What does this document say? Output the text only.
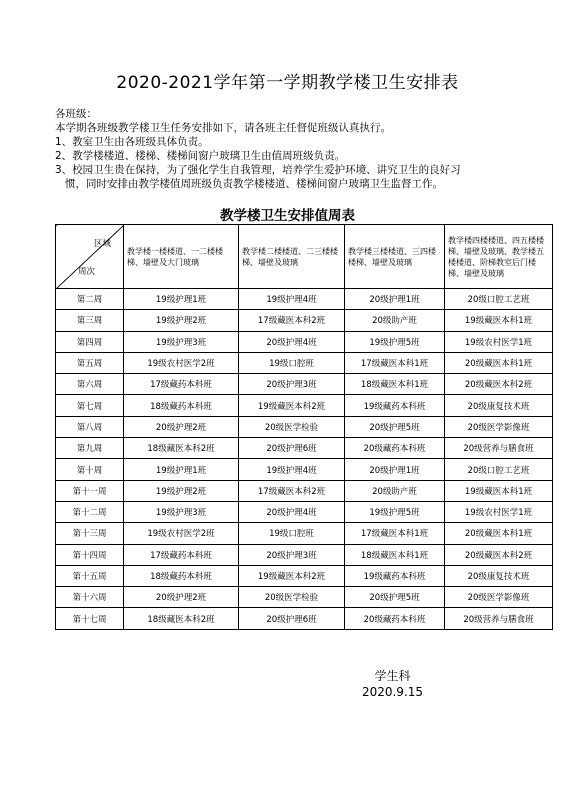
2020-2021学年第一学期教学楼卫生安排表
各班级：
本学期各班级教学楼卫生任务安排如下，请各班主任督促班级认真执行。
1、教室卫生由各班级具体负责。
2、教学楼楼道、楼梯、楼梯间窗户玻璃卫生由值周班级负责。
3、校园卫生贵在保持，为了强化学生自我管理，培养学生爱护环境、讲究卫生的良好习
惯，同时安排由教学楼值周班级负责教学楼楼道、楼梯间窗户玻璃卫生监督工作。
教学楼卫生安排值周表
区域
周次	教学楼一楼楼道、一二楼楼梯、墙壁及大门玻璃	教学楼二楼楼道、二三楼楼梯、墙壁及玻璃	教学楼三楼楼道、三四楼楼梯、墙壁及玻璃	教学楼四楼楼道、四五楼楼梯、墙壁及玻璃、教学楼五楼楼道、阶梯教室后门楼梯、墙壁及玻璃
第二周	19级护理1班	19级护理4班	20级护理1班	20级口腔工艺班
第三周	19级护理2班	17级藏医本科2班	20级助产班	19级藏医本科1班
第四周	19级护理3班	20级护理4班	19级护理5班	19级农村医学1班
第五周	19级农村医学2班	19级口腔班	17级藏医本科1班	20级藏医本科1班
第六周	17级藏药本科班	20级护理3班	18级藏医本科1班	20级藏医本科2班
第七周	18级藏药本科班	19级藏医本科2班	19级藏药本科班	20级康复技术班
第八周	20级护理2班	20级医学检验	20级护理5班	20级医学影像班
第九周	18级藏医本科2班	20级护理6班	20级藏药本科班	20级营养与膳食班
第十周	19级护理1班	19级护理4班	20级护理1班	20级口腔工艺班
第十一周	19级护理2班	17级藏医本科2班	20级助产班	19级藏医本科1班
第十二周	19级护理3班	20级护理4班	19级护理5班	19级农村医学1班
第十三周	19级农村医学2班	19级口腔班	17级藏医本科1班	20级藏医本科1班
第十四周	17级藏药本科班	20级护理3班	18级藏医本科1班	20级藏医本科2班
第十五周	18级藏药本科班	19级藏医本科2班	19级藏药本科班	20级康复技术班
第十六周	20级护理2班	20级医学检验	20级护理5班	20级医学影像班
第十七周	18级藏医本科2班	20级护理6班	20级藏药本科班	20级营养与膳食班
学生科
2020.9.15
